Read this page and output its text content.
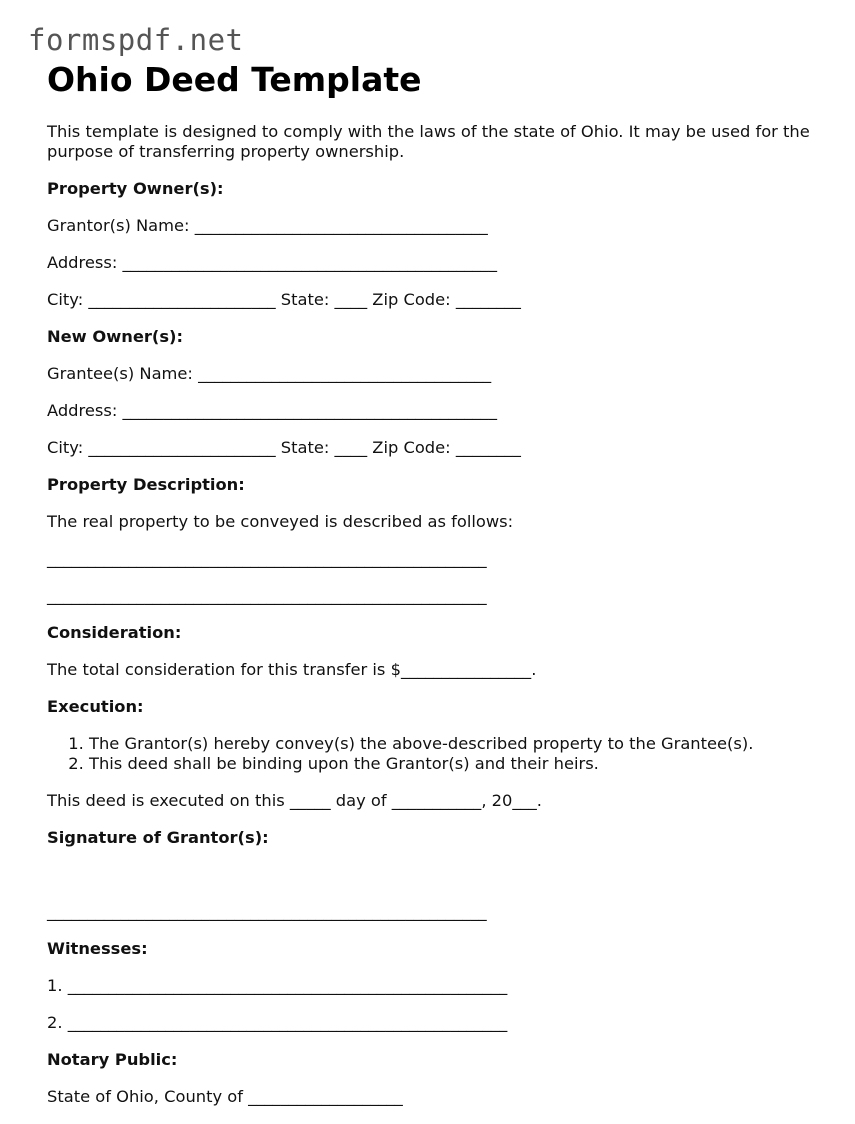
formspdf.net
Ohio Deed Template

This template is designed to comply with the laws of the state of Ohio. It may be used for the purpose of transferring property ownership.

Property Owner(s):

Grantor(s) Name: ____________________________________

Address: ______________________________________________

City: _______________________ State: ____ Zip Code: ________

New Owner(s):

Grantee(s) Name: ____________________________________

Address: ______________________________________________

City: _______________________ State: ____ Zip Code: ________

Property Description:

The real property to be conveyed is described as follows:

______________________________________________________

______________________________________________________

Consideration:

The total consideration for this transfer is $________________.

Execution:

1. The Grantor(s) hereby convey(s) the above-described property to the Grantee(s).
2. This deed shall be binding upon the Grantor(s) and their heirs.

This deed is executed on this _____ day of ___________, 20___.

Signature of Grantor(s):

______________________________________________________

Witnesses:

1. ______________________________________________________

2. ______________________________________________________

Notary Public:

State of Ohio, County of ___________________
